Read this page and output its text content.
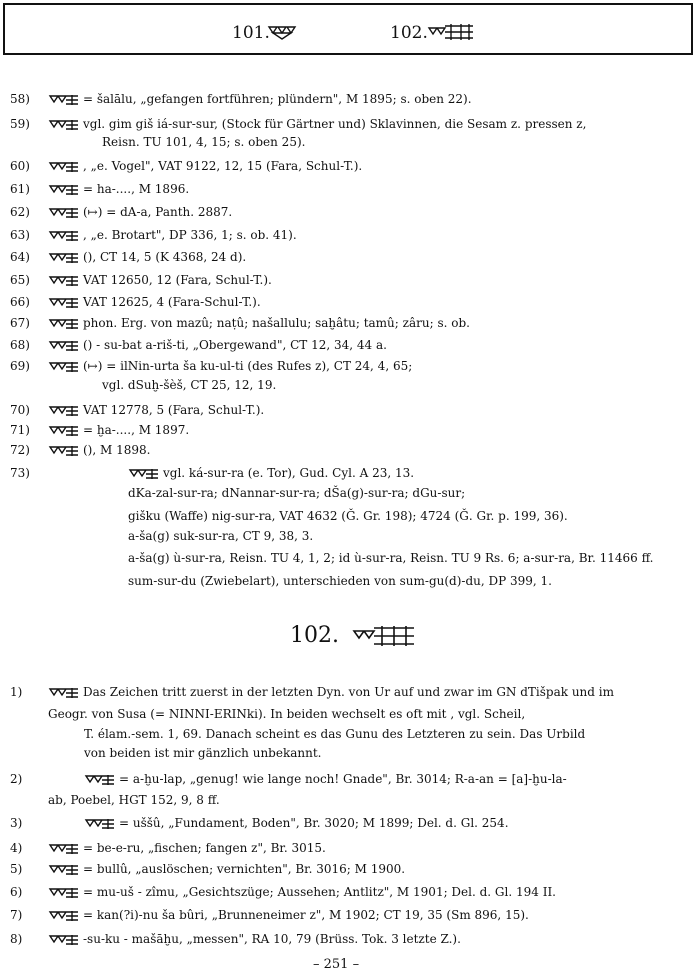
101.	102.
58)	= šalālu, „gefangen fortführen; plündern", M 1895; s. oben 22).
59)	vgl. gim giš iá-sur-sur, (Stock für Gärtner und) Sklavinnen, die Sesam z. pressen z,
Reisn. TU 101, 4, 15; s. oben 25).
60)	, „e. Vogel", VAT 9122, 12, 15 (Fara, Schul-T.).
61)	= ha-...., M 1896.
62)	(↦) = dA-a, Panth. 2887.
63)	, „e. Brotart", DP 336, 1; s. ob. 41).
64)	(), CT 14, 5 (K 4368, 24 d).
65)	VAT 12650, 12 (Fara, Schul-T.).
66)	VAT 12625, 4 (Fara-Schul-T.).
67)	phon. Erg. von mazû; naṭû; našallulu; saḫâtu; tamû; zâru; s. ob.
68)	() - su-bat a-riš-ti, „Obergewand", CT 12, 34, 44 a.
69)	(↦) = ilNin-urta ša ku-ul-ti (des Rufes z), CT 24, 4, 65;
vgl. dSuḫ-šèš, CT 25, 12, 19.
70)	VAT 12778, 5 (Fara, Schul-T.).
71)	= ḫa-...., M 1897.
72)	(), M 1898.
73)	vgl. ká-sur-ra (e. Tor), Gud. Cyl. A 23, 13.
dKa-zal-sur-ra; dNannar-sur-ra; dŠa(g)-sur-ra; dGu-sur;
gišku (Waffe) nig-sur-ra, VAT 4632 (Ǧ. Gr. 198); 4724 (Ǧ. Gr. p. 199, 36).
a-ša(g) suk-sur-ra, CT 9, 38, 3.
a-ša(g) ù-sur-ra, Reisn. TU 4, 1, 2; id ù-sur-ra, Reisn. TU 9 Rs. 6; a-sur-ra, Br. 11466 ff.
sum-sur-du (Zwiebelart), unterschieden von sum-gu(d)-du, DP 399, 1.
102.
1)	Das Zeichen tritt zuerst in der letzten Dyn. von Ur auf und zwar im GN dTišpak und im
Geogr. von Susa (= NINNI-ERINki). In beiden wechselt es oft mit , vgl. Scheil,
T. élam.-sem. 1, 69. Danach scheint es das Gunu des Letzteren zu sein. Das Urbild
von beiden ist mir gänzlich unbekannt.
2)	= a-ḫu-lap, „genug! wie lange noch! Gnade", Br. 3014; R-a-an = [a]-ḫu-la-
ab, Poebel, HGT 152, 9, 8 ff.
3)	= uššû, „Fundament, Boden", Br. 3020; M 1899; Del. d. Gl. 254.
4)	= be-e-ru, „fischen; fangen z", Br. 3015.
5)	= bullû, „auslöschen; vernichten", Br. 3016; M 1900.
6)	= mu-uš - zîmu, „Gesichtszüge; Aussehen; Antlitz", M 1901; Del. d. Gl. 194 II.
7)	= kan(?i)-nu ša bûri, „Brunneneimer z", M 1902; CT 19, 35 (Sm 896, 15).
8)	-su-ku - mašāḫu, „messen", RA 10, 79 (Brüss. Tok. 3 letzte Z.).
– 251 –
